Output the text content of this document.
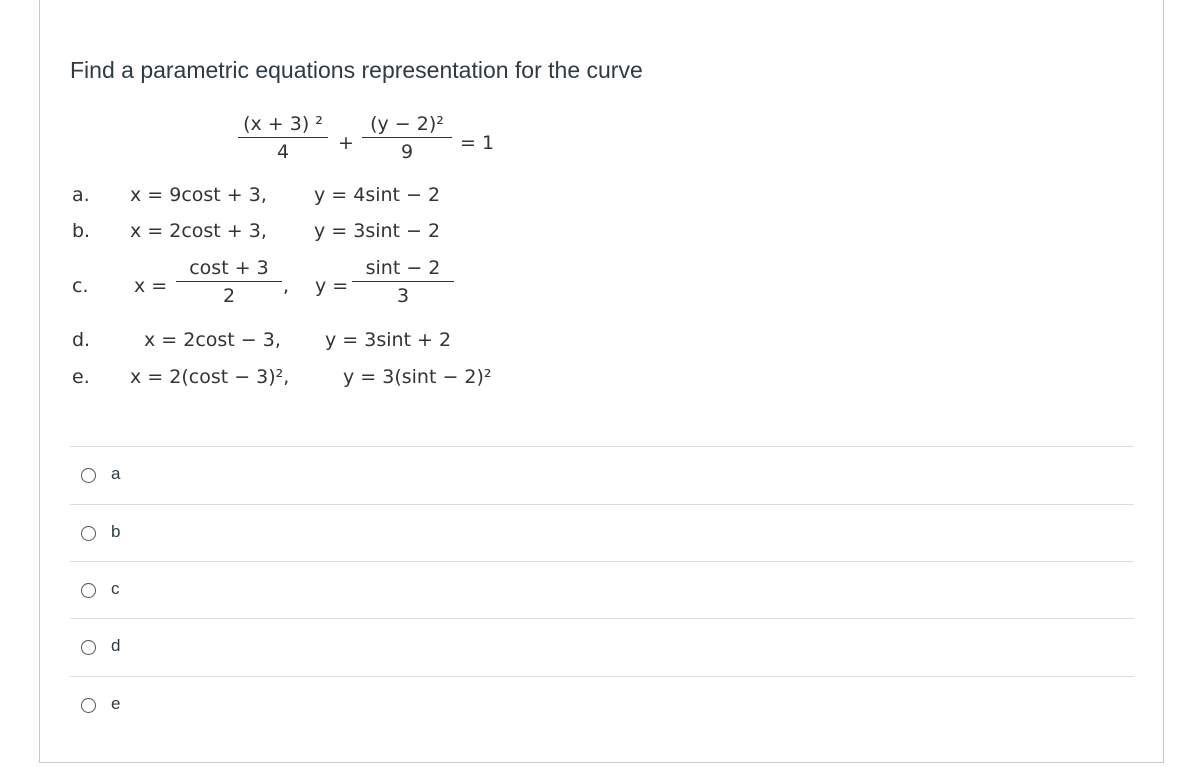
Find a parametric equations representation for the curve
$\frac{\text{(x + 3) ²}}{4} + \frac{\text{(y − 2)²}}{9} = 1$
a. x = 9cost + 3, y = 4sint − 2
b. x = 2cost + 3, y = 3sint − 2
c. $x = \frac{\cos t + 3}{2}$ , $y = \frac{\sin t - 2}{3}$
d.	x = 2cost − 3, y = 3sint + 2
e. x = 2(cost − 3)²,	y = 3(sint − 2)²
a
b
c
d
e
